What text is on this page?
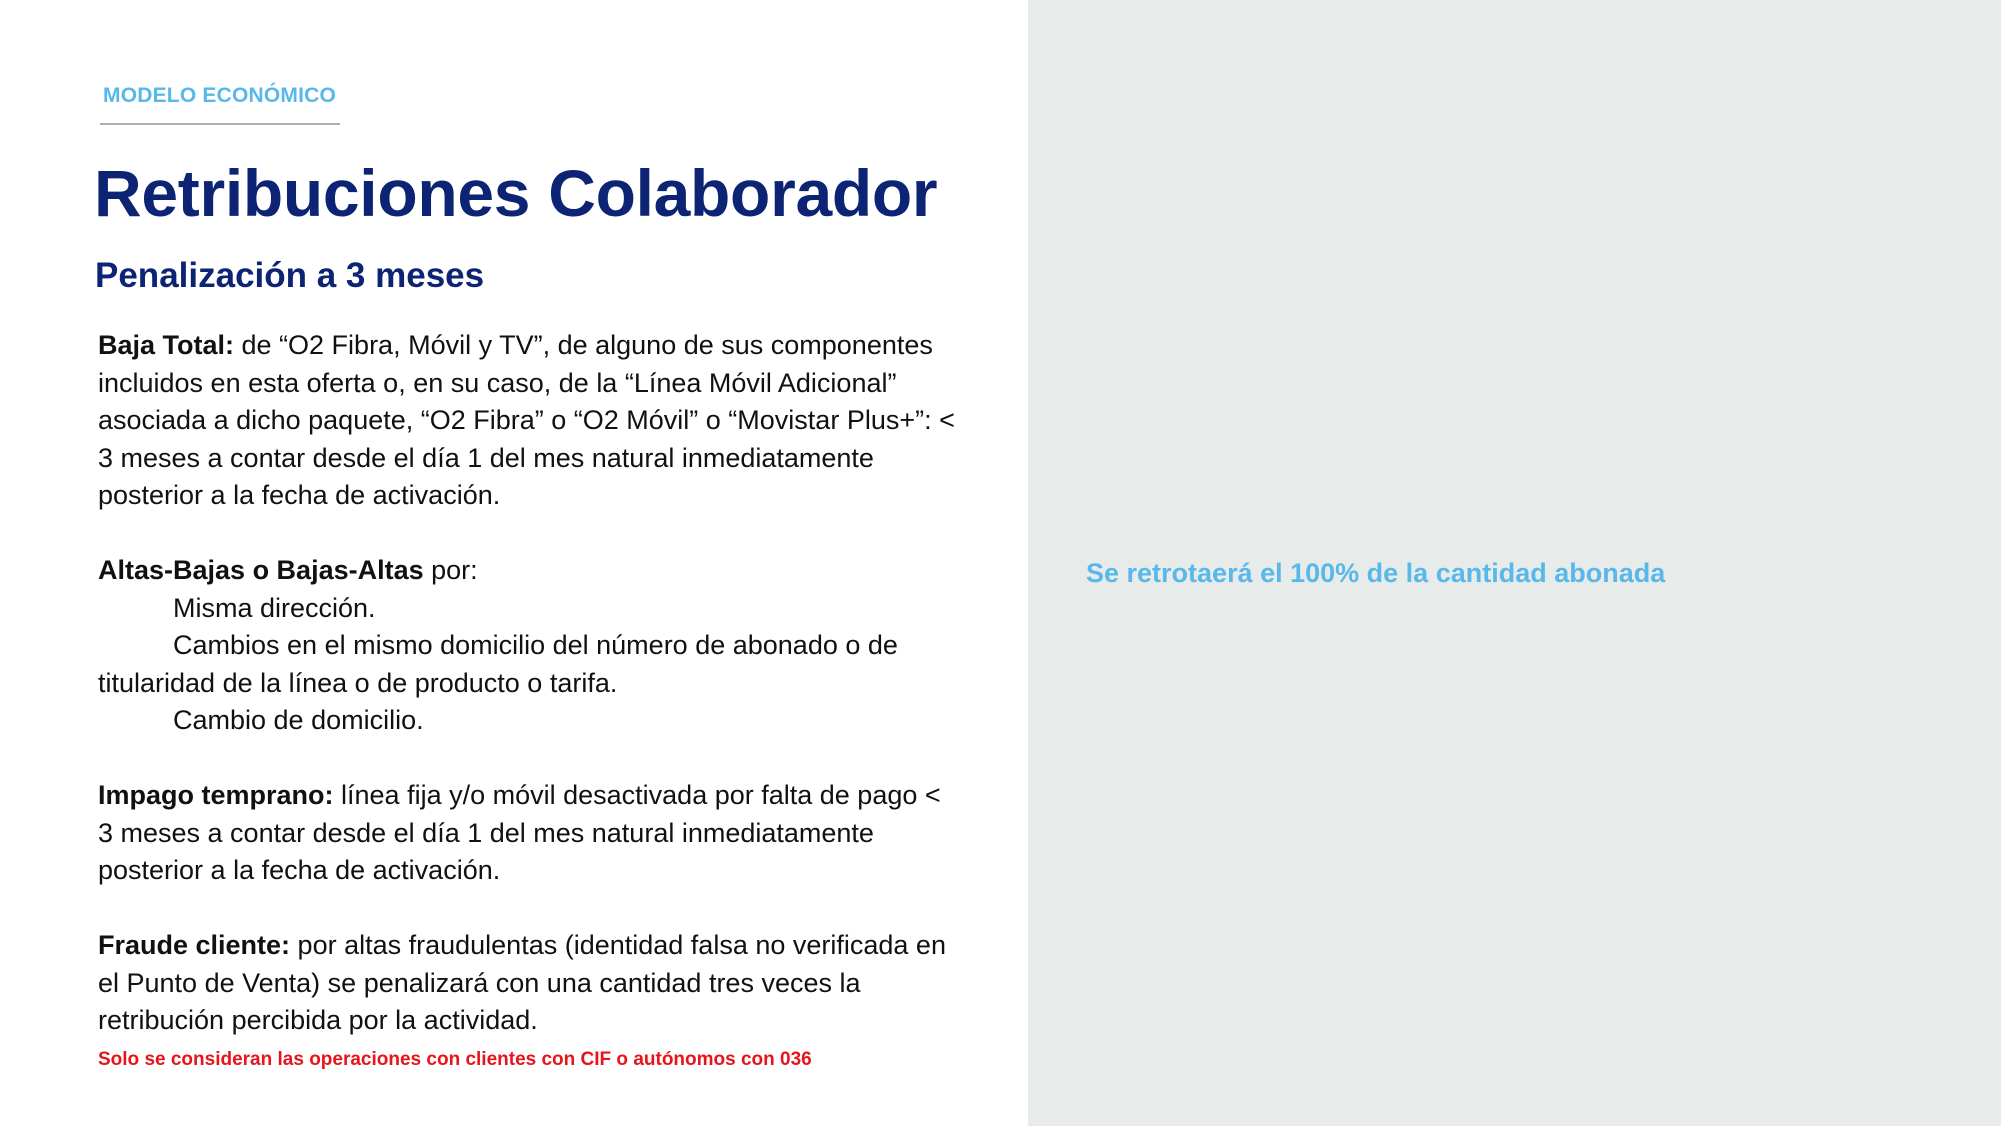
MODELO ECONÓMICO
Retribuciones Colaborador
Penalización a 3 meses

Baja Total: de “O2 Fibra, Móvil y TV”, de alguno de sus componentes incluidos en esta oferta o, en su caso, de la “Línea Móvil Adicional” asociada a dicho paquete, “O2 Fibra” o “O2 Móvil” o “Movistar Plus+”: < 3 meses a contar desde el día 1 del mes natural inmediatamente posterior a la fecha de activación.

Altas-Bajas o Bajas-Altas por:

Misma dirección.

Cambios en el mismo domicilio del número de abonado o de

titularidad de la línea o de producto o tarifa.

Cambio de domicilio.

Impago temprano: línea fija y/o móvil desactivada por falta de pago < 3 meses a contar desde el día 1 del mes natural inmediatamente posterior a la fecha de activación.

Fraude cliente: por altas fraudulentas (identidad falsa no verificada en el Punto de Venta) se penalizará con una cantidad tres veces la retribución percibida por la actividad.

Solo se consideran las operaciones con clientes con CIF o autónomos con 036
Se retrotaerá el 100% de la cantidad abonada
